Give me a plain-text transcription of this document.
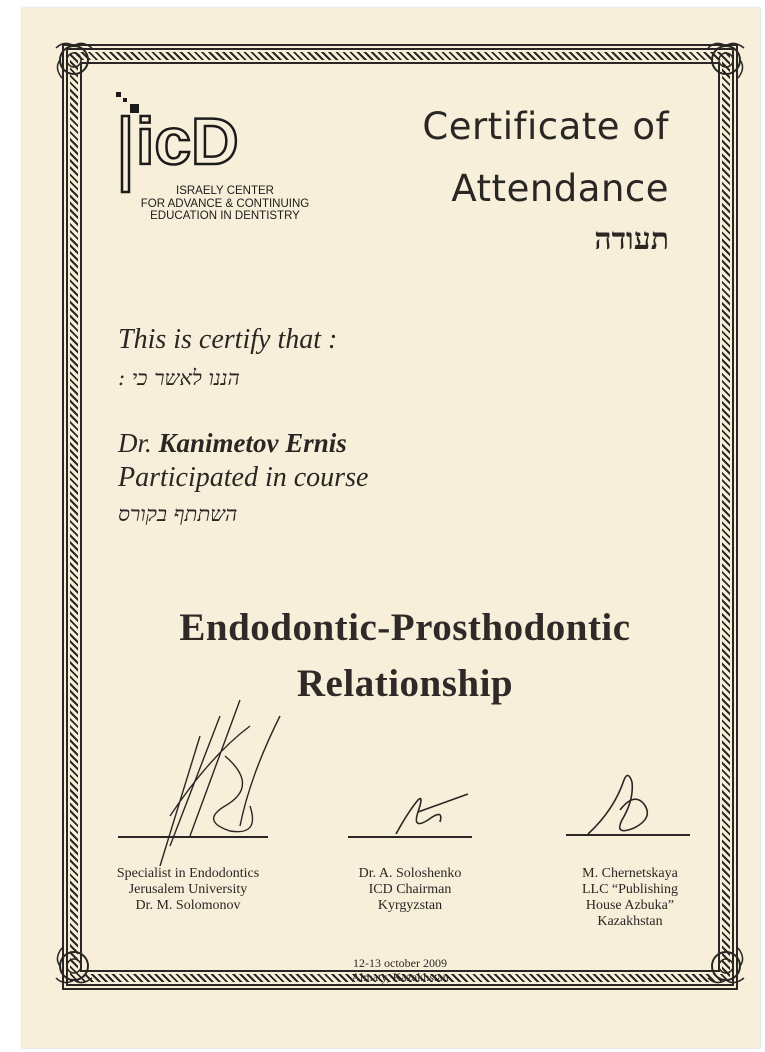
icD
ISRAELY CENTER
FOR ADVANCE & CONTINUING
EDUCATION IN DENTISTRY
Certificate of
Attendance
תעודה
This is certify that :
הננו לאשר כי :
Dr. Kanimetov Ernis
Participated in course
השתתף בקורס
Endodontic-Prosthodontic
Relationship
Specialist in Endodontics
Jerusalem University
Dr. M. Solomonov
Dr. A. Soloshenko
ICD Chairman
Kyrgyzstan
M. Chernetskaya
LLC “Publishing
House Azbuka”
Kazakhstan
12-13 october 2009
Almaty, Kazakhstan
